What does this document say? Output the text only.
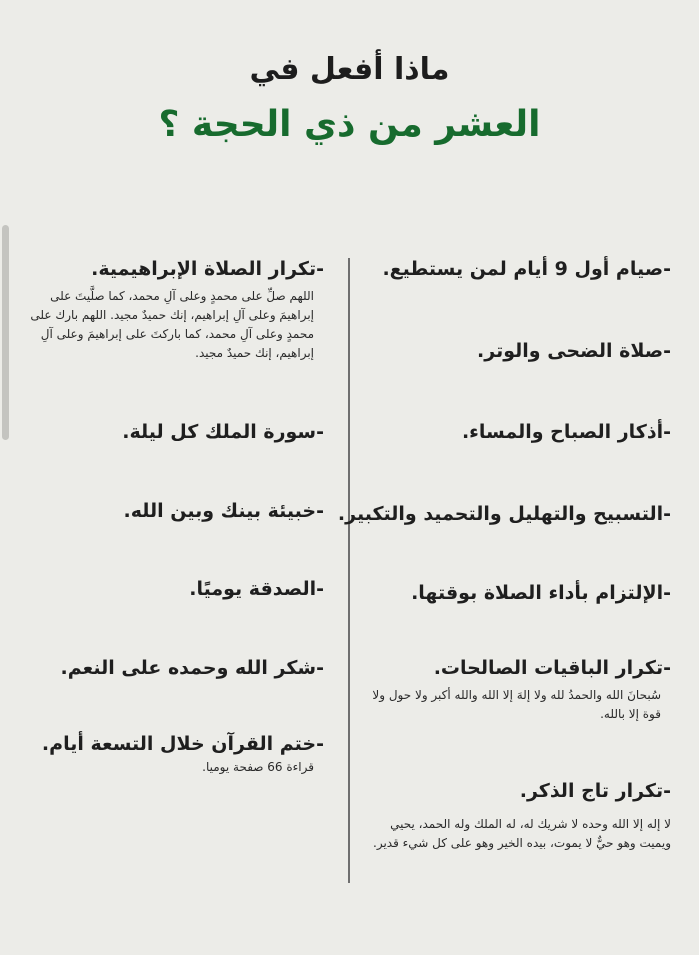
ماذا أفعل في
العشر من ذي الحجة ؟
-صيام أول 9 أيام لمن يستطيع.
-صلاة الضحى والوتر.
-أذكار الصباح والمساء.
-التسبيح والتهليل والتحميد والتكبير.
-الإلتزام بأداء الصلاة بوقتها.
-تكرار الباقيات الصالحات.
سُبحانَ الله والحمدُ لله ولا إلهَ إلا الله والله أكبر ولا حول ولا قوة إلا بالله.
-تكرار تاج الذكر.
لا إله إلا الله وحده لا شريك له، له الملك وله الحمد، يحيي ويميت وهو حيٌّ لا يموت، بيده الخير وهو على كل شيء قدير.
-تكرار الصلاة الإبراهيمية.
اللهم صلِّ على محمدٍ وعلى آلِ محمد، كما صلَّيتَ على إبراهيمَ وعلى آلِ إبراهيم، إنك حميدٌ مجيد. اللهم بارك على محمدٍ وعلى آلِ محمد، كما باركتَ على إبراهيمَ وعلى آلِ إبراهيم، إنك حميدٌ مجيد.
-سورة الملك كل ليلة.
-خبيئة بينك وبين الله.
-الصدقة يوميًا.
-شكر الله وحمده على النعم.
-ختم القرآن خلال التسعة أيام.
قراءة 66 صفحة يوميا.
